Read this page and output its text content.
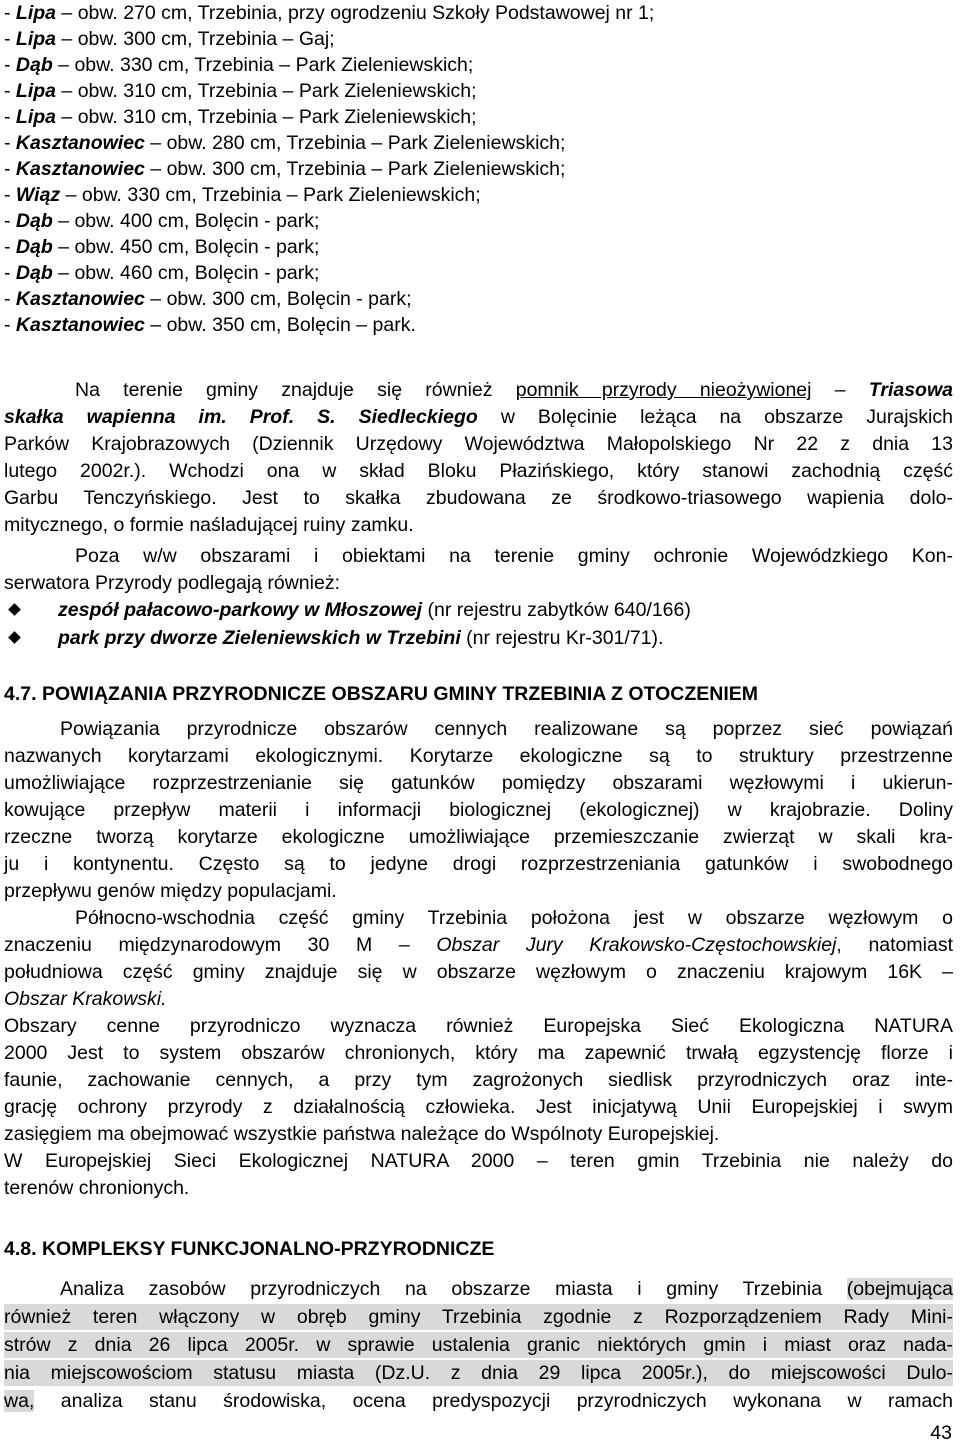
- Lipa – obw. 270 cm, Trzebinia, przy ogrodzeniu Szkoły Podstawowej nr 1;
- Lipa – obw. 300 cm, Trzebinia – Gaj;
- Dąb – obw. 330 cm, Trzebinia – Park Zieleniewskich;
- Lipa – obw. 310 cm, Trzebinia – Park Zieleniewskich;
- Lipa – obw. 310 cm, Trzebinia – Park Zieleniewskich;
- Kasztanowiec – obw. 280 cm, Trzebinia – Park Zieleniewskich;
- Kasztanowiec – obw. 300 cm, Trzebinia – Park Zieleniewskich;
- Wiąz – obw. 330 cm, Trzebinia – Park Zieleniewskich;
- Dąb – obw. 400 cm, Bolęcin - park;
- Dąb – obw. 450 cm, Bolęcin - park;
- Dąb – obw. 460 cm, Bolęcin - park;
- Kasztanowiec – obw. 300 cm, Bolęcin - park;
- Kasztanowiec – obw. 350 cm, Bolęcin – park.
Na terenie gminy znajduje się również pomnik przyrody nieożywionej – Triasowa
skałka wapienna im. Prof. S. Siedleckiego w Bolęcinie leżąca na obszarze Jurajskich
Parków Krajobrazowych (Dziennik Urzędowy Województwa Małopolskiego Nr 22 z dnia 13
lutego 2002r.). Wchodzi ona w skład Bloku Płazińskiego, który stanowi zachodnią część
Garbu Tenczyńskiego. Jest to skałka zbudowana ze środkowo-triasowego wapienia dolo-
mitycznego, o formie naśladującej ruiny zamku.
Poza w/w obszarami i obiektami na terenie gminy ochronie Wojewódzkiego Kon-
serwatora Przyrody podlegają również:
zespół pałacowo-parkowy w Młoszowej (nr rejestru zabytków 640/166)
park przy dworze Zieleniewskich w Trzebini (nr rejestru Kr-301/71).
4.7. POWIĄZANIA PRZYRODNICZE OBSZARU GMINY TRZEBINIA Z OTOCZENIEM
Powiązania przyrodnicze obszarów cennych realizowane są poprzez sieć powiązań
nazwanych korytarzami ekologicznymi. Korytarze ekologiczne są to struktury przestrzenne
umożliwiające rozprzestrzenianie się gatunków pomiędzy obszarami węzłowymi i ukierun-
kowujące przepływ materii i informacji biologicznej (ekologicznej) w krajobrazie. Doliny
rzeczne tworzą korytarze ekologiczne umożliwiające przemieszczanie zwierząt w skali kra-
ju i kontynentu. Często są to jedyne drogi rozprzestrzeniania gatunków i swobodnego
przepływu genów między populacjami.
Północno-wschodnia część gminy Trzebinia położona jest w obszarze węzłowym o
znaczeniu międzynarodowym 30 M – Obszar Jury Krakowsko-Częstochowskiej, natomiast
południowa część gminy znajduje się w obszarze węzłowym o znaczeniu krajowym 16K –
Obszar Krakowski.
Obszary cenne przyrodniczo wyznacza również Europejska Sieć Ekologiczna NATURA
2000 Jest to system obszarów chronionych, który ma zapewnić trwałą egzystencję florze i
faunie, zachowanie cennych, a przy tym zagrożonych siedlisk przyrodniczych oraz inte-
grację ochrony przyrody z działalnością człowieka. Jest inicjatywą Unii Europejskiej i swym
zasięgiem ma obejmować wszystkie państwa należące do Wspólnoty Europejskiej.
W Europejskiej Sieci Ekologicznej NATURA 2000 – teren gmin Trzebinia nie należy do
terenów chronionych.
4.8. KOMPLEKSY FUNKCJONALNO-PRZYRODNICZE
Analiza zasobów przyrodniczych na obszarze miasta i gminy Trzebinia (obejmująca
również teren włączony w obręb gminy Trzebinia zgodnie z Rozporządzeniem Rady Mini-
strów z dnia 26 lipca 2005r. w sprawie ustalenia granic niektórych gmin i miast oraz nada-
nia miejscowościom statusu miasta (Dz.U. z dnia 29 lipca 2005r.), do miejscowości Dulo-
wa, analiza stanu środowiska, ocena predyspozycji przyrodniczych wykonana w ramach
43
